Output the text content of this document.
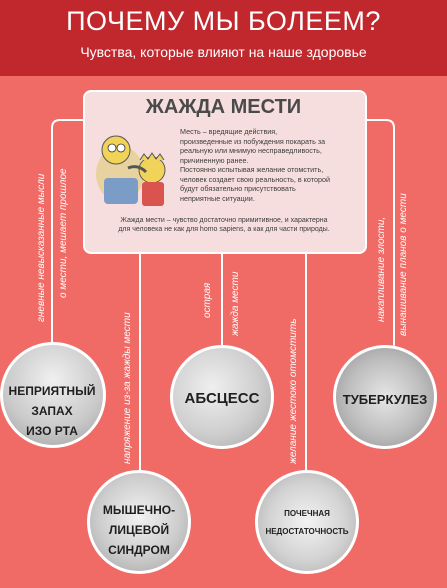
ПОЧЕМУ МЫ БОЛЕЕМ?
Чувства, которые влияют на наше здоровье
ЖАЖДА МЕСТИ
Месть – вредящие действия,
произведенные из побуждения покарать за
реальную или мнимую несправедливость,
причиненную ранее.
Постоянно испытывая желание отомстить,
человек создает свою реальность, в которой
будут обязательно присутствовать
неприятные ситуации.
Жажда мести – чувство достаточно примитивное, и характерна
для человека не как для homo sapiens, а как для части природы.
гневные невысказанные мысли о мести, мешает прошлое
напряжение из-за жажды мести
острая жажда мести
желание жестоко отомстить
накапливание злости, вынашивание планов о мести
НЕПРИЯТНЫЙ
ЗАПАХ
ИЗО РТА
АБСЦЕСС	ТУБЕРКУЛЕЗ
МЫШЕЧНО-
ЛИЦЕВОЙ
СИНДРОМ
ПОЧЕЧНАЯ
НЕДОСТАТОЧНОСТЬ
